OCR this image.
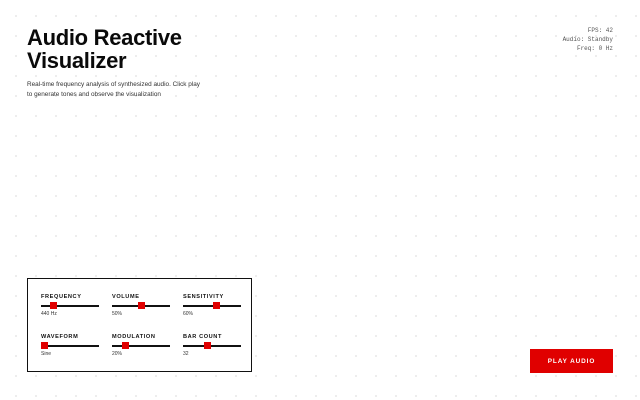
Audio Reactive
Visualizer
Real-time frequency analysis of synthesized audio. Click play
to generate tones and observe the visualization
FPS: 42
Audio: Standby
Freq: 0 Hz
FREQUENCY
440 Hz
VOLUME
50%
SENSITIVITY
60%
WAVEFORM
Sine
MODULATION
20%
BAR COUNT
32
PLAY AUDIO
